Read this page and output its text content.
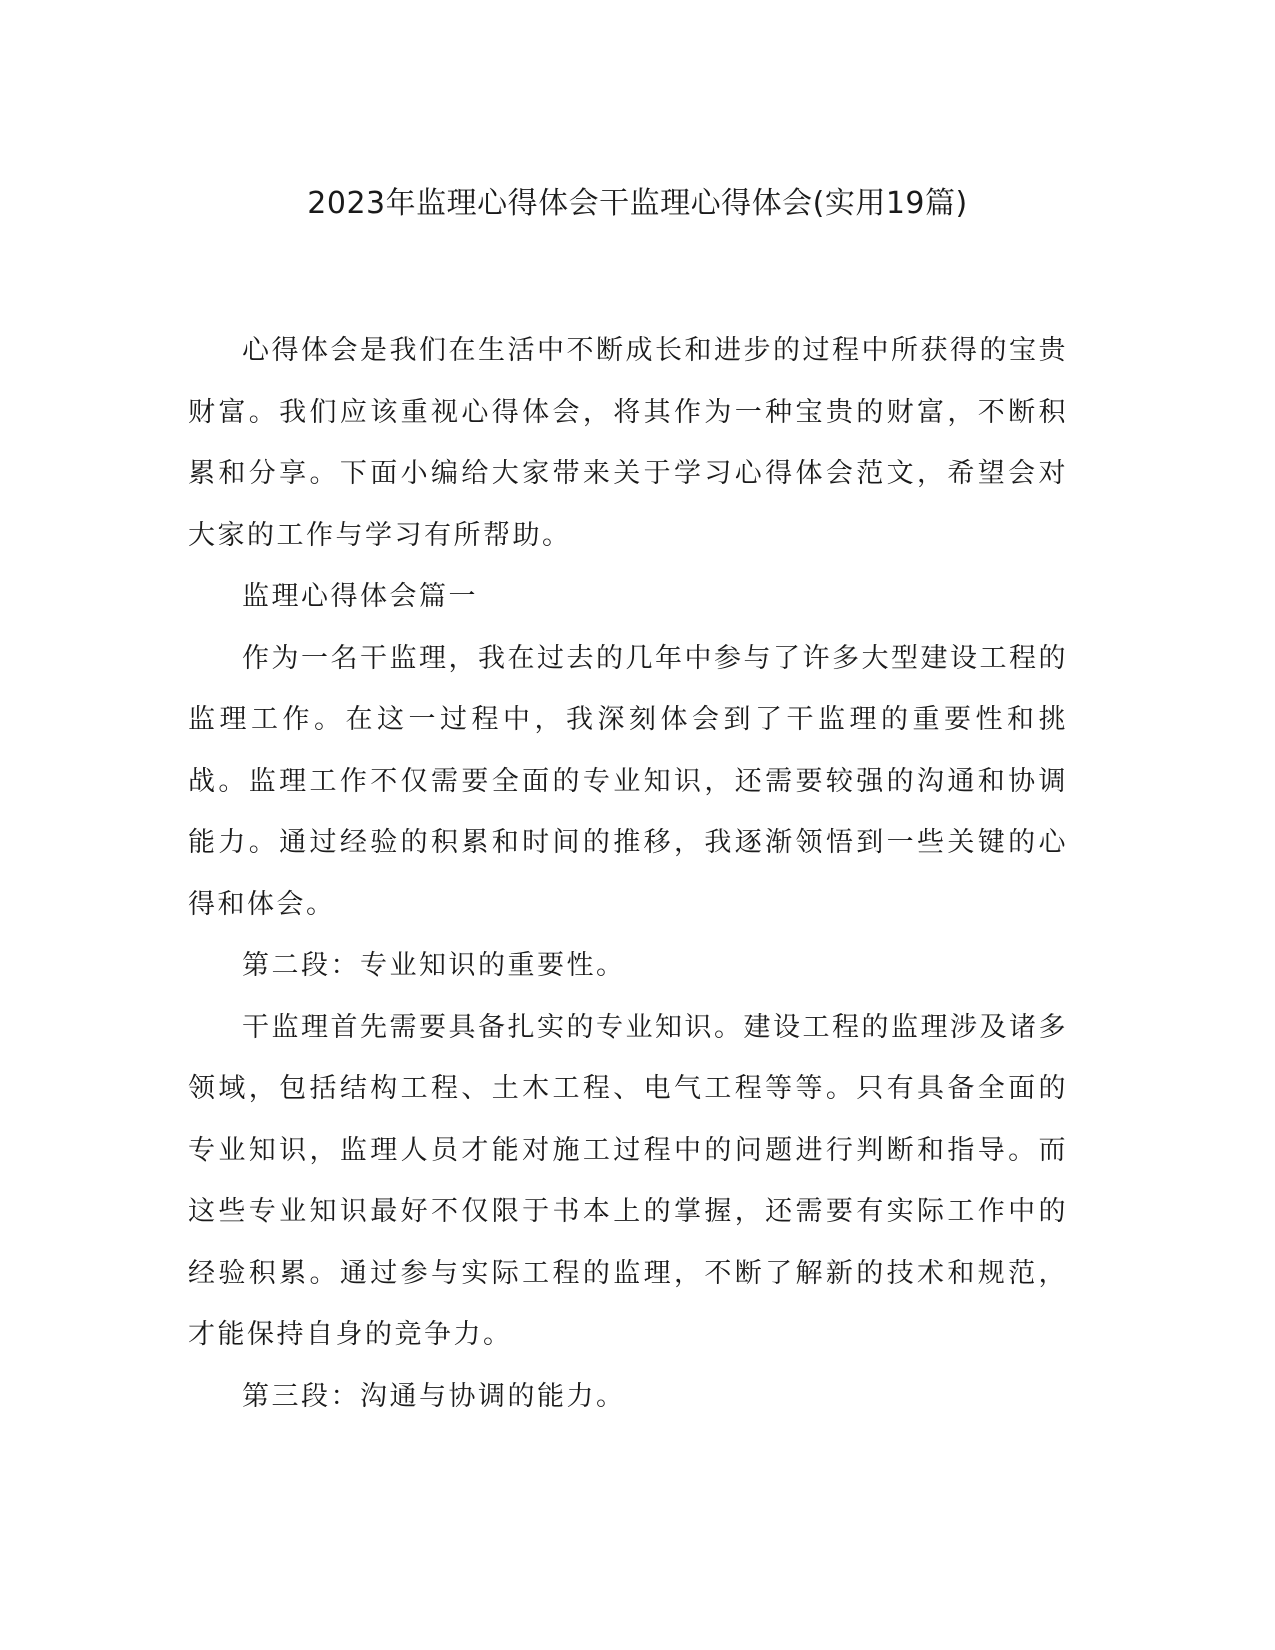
2023年监理心得体会干监理心得体会(实用19篇)

心得体会是我们在生活中不断成长和进步的过程中所获得的宝贵财富。我们应该重视心得体会，将其作为一种宝贵的财富，不断积累和分享。下面小编给大家带来关于学习心得体会范文，希望会对大家的工作与学习有所帮助。

监理心得体会篇一

作为一名干监理，我在过去的几年中参与了许多大型建设工程的监理工作。在这一过程中，我深刻体会到了干监理的重要性和挑战。监理工作不仅需要全面的专业知识，还需要较强的沟通和协调能力。通过经验的积累和时间的推移，我逐渐领悟到一些关键的心得和体会。

第二段：专业知识的重要性。

干监理首先需要具备扎实的专业知识。建设工程的监理涉及诸多领域，包括结构工程、土木工程、电气工程等等。只有具备全面的专业知识，监理人员才能对施工过程中的问题进行判断和指导。而这些专业知识最好不仅限于书本上的掌握，还需要有实际工作中的经验积累。通过参与实际工程的监理，不断了解新的技术和规范，才能保持自身的竞争力。

第三段：沟通与协调的能力。
